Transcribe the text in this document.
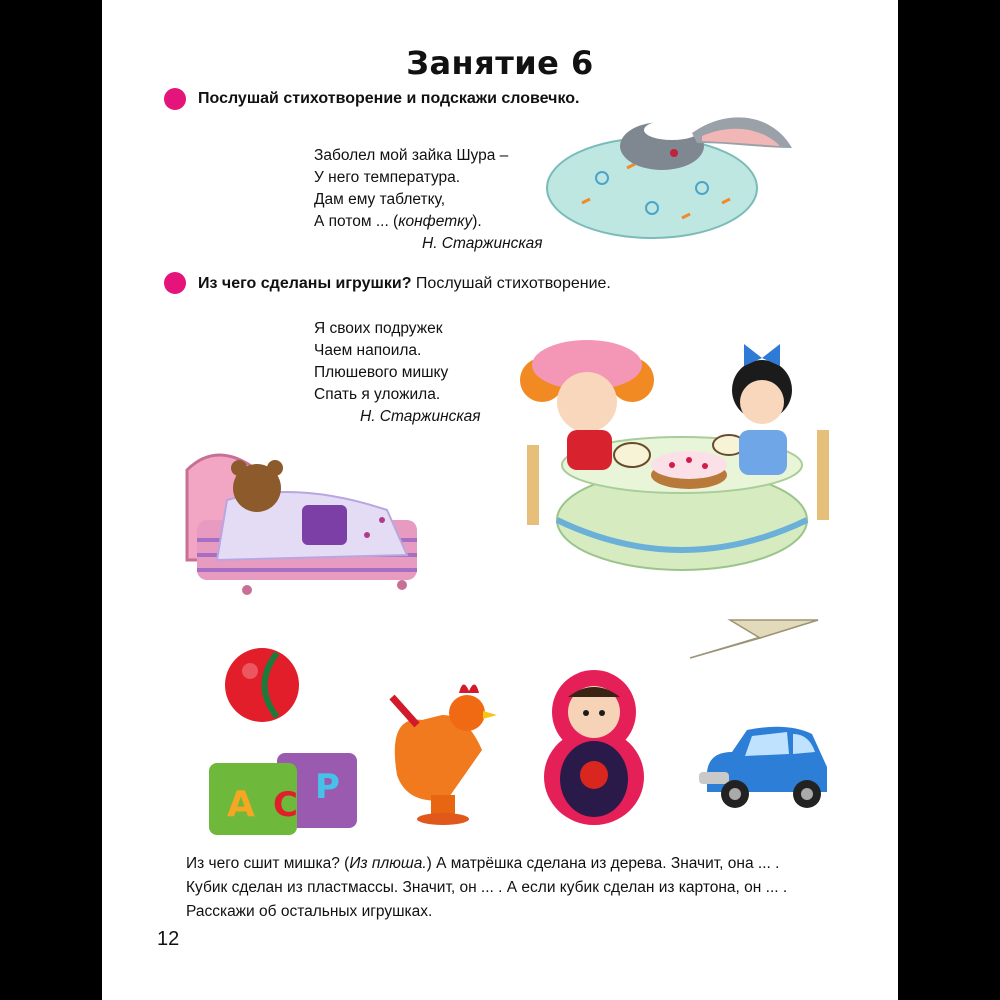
Занятие 6
Послушай стихотворение и подскажи словечко.
Заболел мой зайка Шура –
У него температура.
Дам ему таблетку,
А потом ... (конфетку).
Н. Старжинская
Из чего сделаны игрушки? Послушай стихотворение.
Я своих подружек
Чаем напоила.
Плюшевого мишку
Спать я уложила.
Н. Старжинская
A C Р
Из чего сшит мишка? (Из плюша.) А матрёшка сделана из дерева. Значит, она ... .
Кубик сделан из пластмассы. Значит, он ... . А если кубик сделан из картона, он ... .
Расскажи об остальных игрушках.
12
